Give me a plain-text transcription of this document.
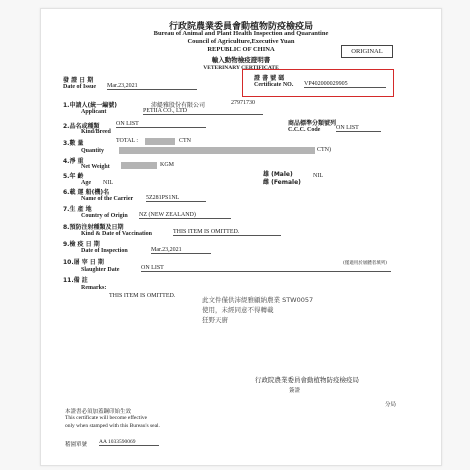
行政院農業委員會動植物防疫檢疫局
Bureau of Animal and Plant Health Inspection and Quarantine
Council of Agriculture,Executive Yuan
REPUBLIC OF CHINA
輸入動物檢疫證明書
VETERINARY CERTIFICATE
ORIGINAL
發 證 日 期
Date of Issue Mar.23,2021
證 書 號 碼
Certificate NO. VP402000029905
1.申請人(統一編號)	27971730
Applicant
沛緹雅股份有限公司
PETIIA CO., LTD
2.品名或種類
Kind/Breed
ON LIST	商品標準分類號列
C.C.C. Code	ON LIST
3.數 量	TOTAL :	CTN
Quantity	CTN)
4.淨 重
Net Weight	KGM
5.年 齡
Age NIL
雄 (Male)
雌 (Female)
NIL
6.載 運 船(機)名
Name of the Carrier 5Z281PS1NL
7.生 產 地
Country of Origin NZ (NEW ZEALAND)
8.預防注射種類及日期
Kind & Date of Vaccination	THIS ITEM IS OMITTED.
9.檢 疫 日 期
Date of Inspection	Mar.23,2021
10.屠 宰 日 期	(僅適用於屠體者填列)
Slaughter Date	ON LIST
11.備 註
Remarks:
THIS ITEM IS OMITTED.	此文件僅供沛緹雅顧納農業 STW0057
使用，未經同意不得轉載
狂野天廚
行政院農業委員會動植物防疫檢疫局
簽證
分局
本證書必須加蓋鋼印始生效
This certificate will become effective
only when stamped with this Bureau's seal.
稽園單號 AA 1033590069
